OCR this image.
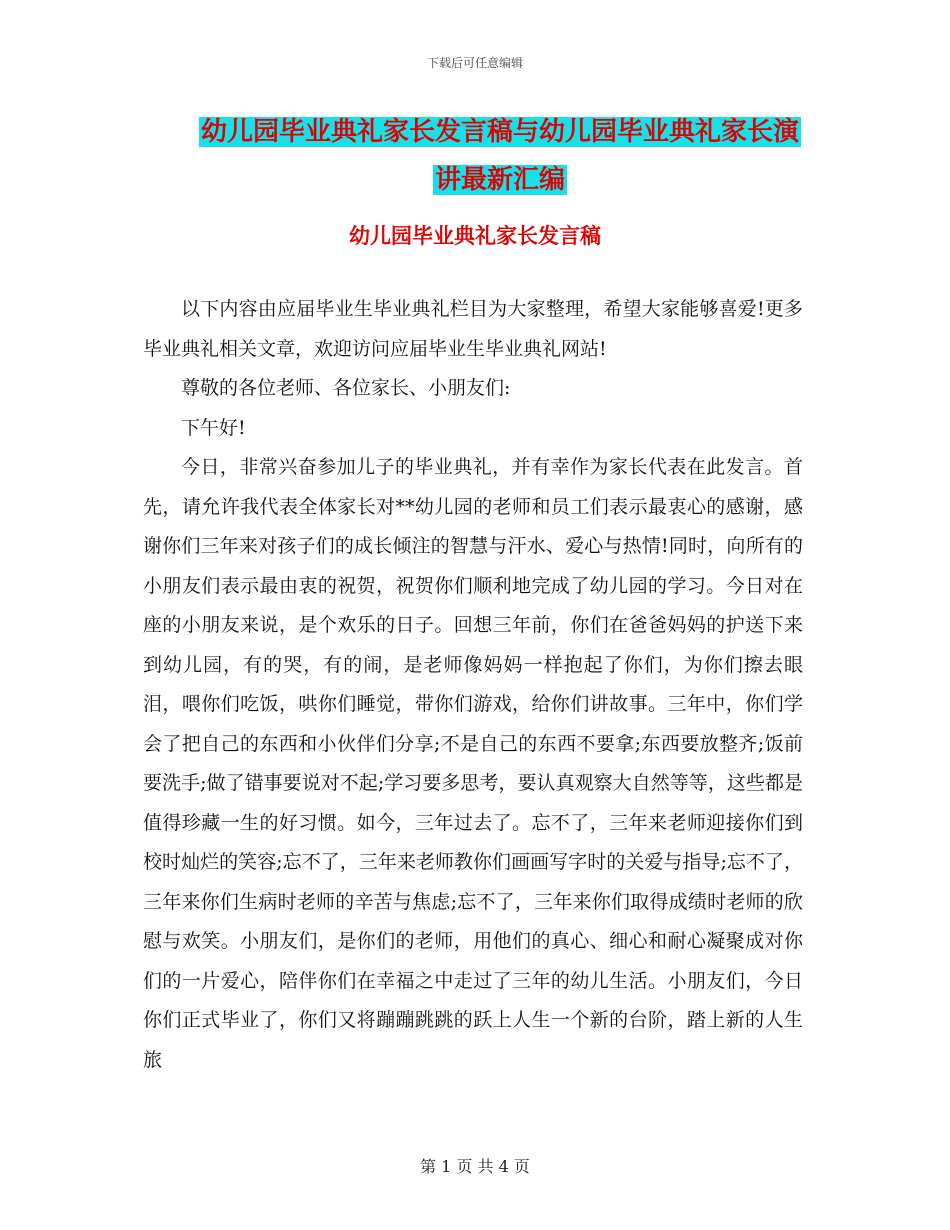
下载后可任意编辑
幼儿园毕业典礼家长发言稿与幼儿园毕业典礼家长演
讲最新汇编
幼儿园毕业典礼家长发言稿

以下内容由应届毕业生毕业典礼栏目为大家整理，希望大家能够喜爱!更多毕业典礼相关文章，欢迎访问应届毕业生毕业典礼网站!

尊敬的各位老师、各位家长、小朋友们:

下午好!

今日，非常兴奋参加儿子的毕业典礼，并有幸作为家长代表在此发言。首先，请允许我代表全体家长对**幼儿园的老师和员工们表示最衷心的感谢，感谢你们三年来对孩子们的成长倾注的智慧与汗水、爱心与热情!同时，向所有的小朋友们表示最由衷的祝贺，祝贺你们顺利地完成了幼儿园的学习。今日对在座的小朋友来说，是个欢乐的日子。回想三年前，你们在爸爸妈妈的护送下来到幼儿园，有的哭，有的闹，是老师像妈妈一样抱起了你们，为你们擦去眼泪，喂你们吃饭，哄你们睡觉，带你们游戏，给你们讲故事。三年中，你们学会了把自己的东西和小伙伴们分享;不是自己的东西不要拿;东西要放整齐;饭前要洗手;做了错事要说对不起;学习要多思考，要认真观察大自然等等，这些都是值得珍藏一生的好习惯。如今，三年过去了。忘不了，三年来老师迎接你们到校时灿烂的笑容;忘不了，三年来老师教你们画画写字时的关爱与指导;忘不了，三年来你们生病时老师的辛苦与焦虑;忘不了，三年来你们取得成绩时老师的欣慰与欢笑。小朋友们，是你们的老师，用他们的真心、细心和耐心凝聚成对你们的一片爱心，陪伴你们在幸福之中走过了三年的幼儿生活。小朋友们，今日你们正式毕业了，你们又将蹦蹦跳跳的跃上人生一个新的台阶，踏上新的人生旅

第 1 页 共 4 页
